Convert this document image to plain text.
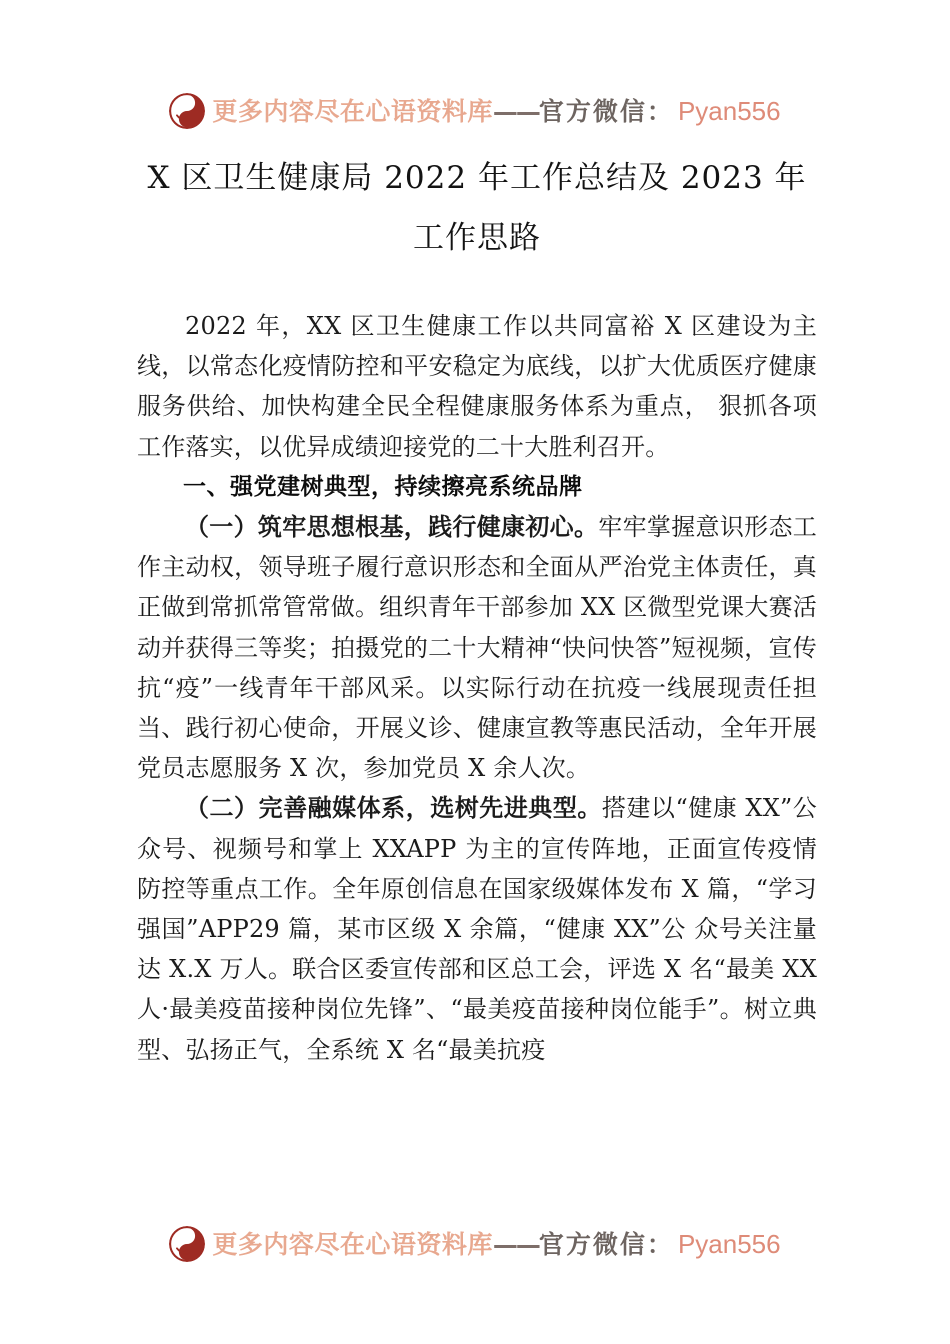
更多内容尽在心语资料库 —— 官方微信： Pyan556
X 区卫生健康局 2022 年工作总结及 2023 年工作思路

2022 年，XX 区卫生健康工作以共同富裕 X 区建设为主线，以常态化疫情防控和平安稳定为底线，以扩大优质医疗健康服务供给、加快构建全民全程健康服务体系为重点， 狠抓各项工作落实，以优异成绩迎接党的二十大胜利召开。

一、强党建树典型，持续擦亮系统品牌

（一）筑牢思想根基，践行健康初心。牢牢掌握意识形态工作主动权，领导班子履行意识形态和全面从严治党主体责任，真正做到常抓常管常做。组织青年干部参加 XX 区微型党课大赛活动并获得三等奖；拍摄党的二十大精神“快问快答”短视频，宣传抗“疫”一线青年干部风采。以实际行动在抗疫一线展现责任担当、践行初心使命，开展义诊、健康宣教等惠民活动，全年开展党员志愿服务 X 次，参加党员 X 余人次。

（二）完善融媒体系，选树先进典型。搭建以“健康 XX”公众号、视频号和掌上 XXAPP 为主的宣传阵地，正面宣传疫情防控等重点工作。全年原创信息在国家级媒体发布 X 篇，“学习强国”APP29 篇，某市区级 X 余篇，“健康 XX”公 众号关注量达 X.X 万人。联合区委宣传部和区总工会，评选 X 名“最美 XX 人·最美疫苗接种岗位先锋”、“最美疫苗接种岗位能手”。树立典型、弘扬正气，全系统 X 名“最美抗疫

更多内容尽在心语资料库 —— 官方微信： Pyan556
